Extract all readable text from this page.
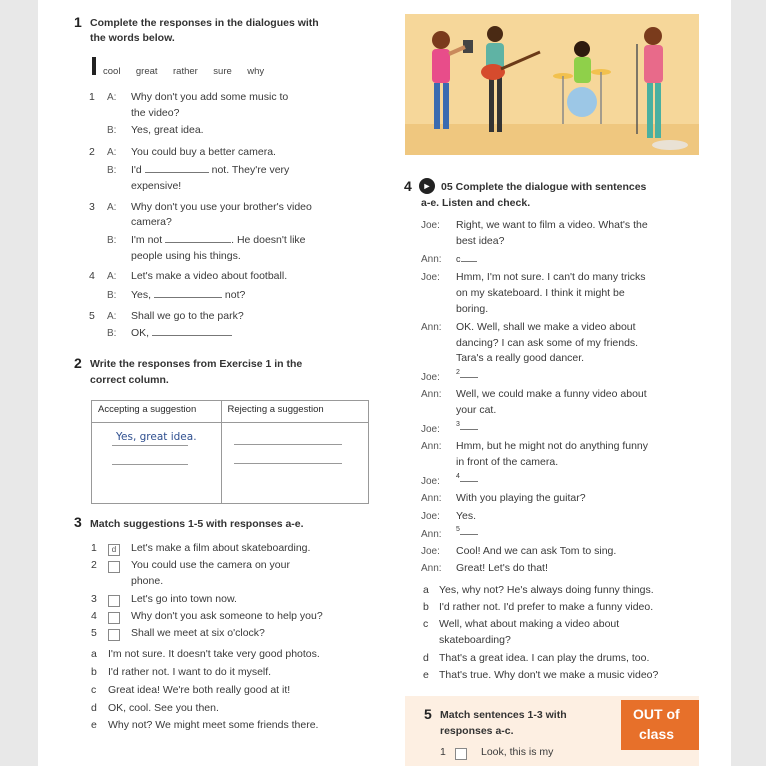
1 Complete the responses in the dialogues with
the words below.
cool great rather sure why
1 A: Why don't you add some music to
the video?
B: Yes, great idea.
2 A: You could buy a better camera.
B: I'd	not. They're very
expensive!
3 A: Why don't you use your brother's video
camera?
B: I'm not	. He doesn't like
people using his things.
4 A: Let's make a video about football.
B: Yes,	not?
5 A: Shall we go to the park?
B: OK,
2 Write the responses from Exercise 1 in the
correct column.
Accepting a suggestion	Rejecting a suggestion

Yes, great idea.	

3 Match suggestions 1-5 with responses a-e.
1	d	Let's make a film about skateboarding.
2	You could use the camera on your
phone.
3	Let's go into town now.
4	Why don't you ask someone to help you?
5	Shall we meet at six o'clock?
a I'm not sure. It doesn't take very good photos.
b I'd rather not. I want to do it myself.
c Great idea! We're both really good at it!
d OK, cool. See you then.
e Why not? We might meet some friends there.
4	► 05 Complete the dialogue with sentences
a-e. Listen and check.
Joe: Right, we want to film a video. What's the
best idea?
Ann: c
Joe: Hmm, I'm not sure. I can't do many tricks
on my skateboard. I think it might be
boring.
Ann: OK. Well, shall we make a video about
dancing? I can ask some of my friends.
Tara's a really good dancer.
Joe: $^2$
Ann: Well, we could make a funny video about
your cat.
Joe: $^3$
Ann: Hmm, but he might not do anything funny
in front of the camera.
Joe: $^4$
Ann: With you playing the guitar?
Joe: Yes.
Ann: $^5$
Joe: Cool! And we can ask Tom to sing.
Ann: Great! Let's do that!
a Yes, why not? He's always doing funny things.
b I'd rather not. I'd prefer to make a funny video.
c Well, what about making a video about
skateboarding?
d That's a great idea. I can play the drums, too.
e That's true. Why don't we make a music video?
5 Match sentences 1-3 with
responses a-c.
1	Look, this is my
OUT of
class
